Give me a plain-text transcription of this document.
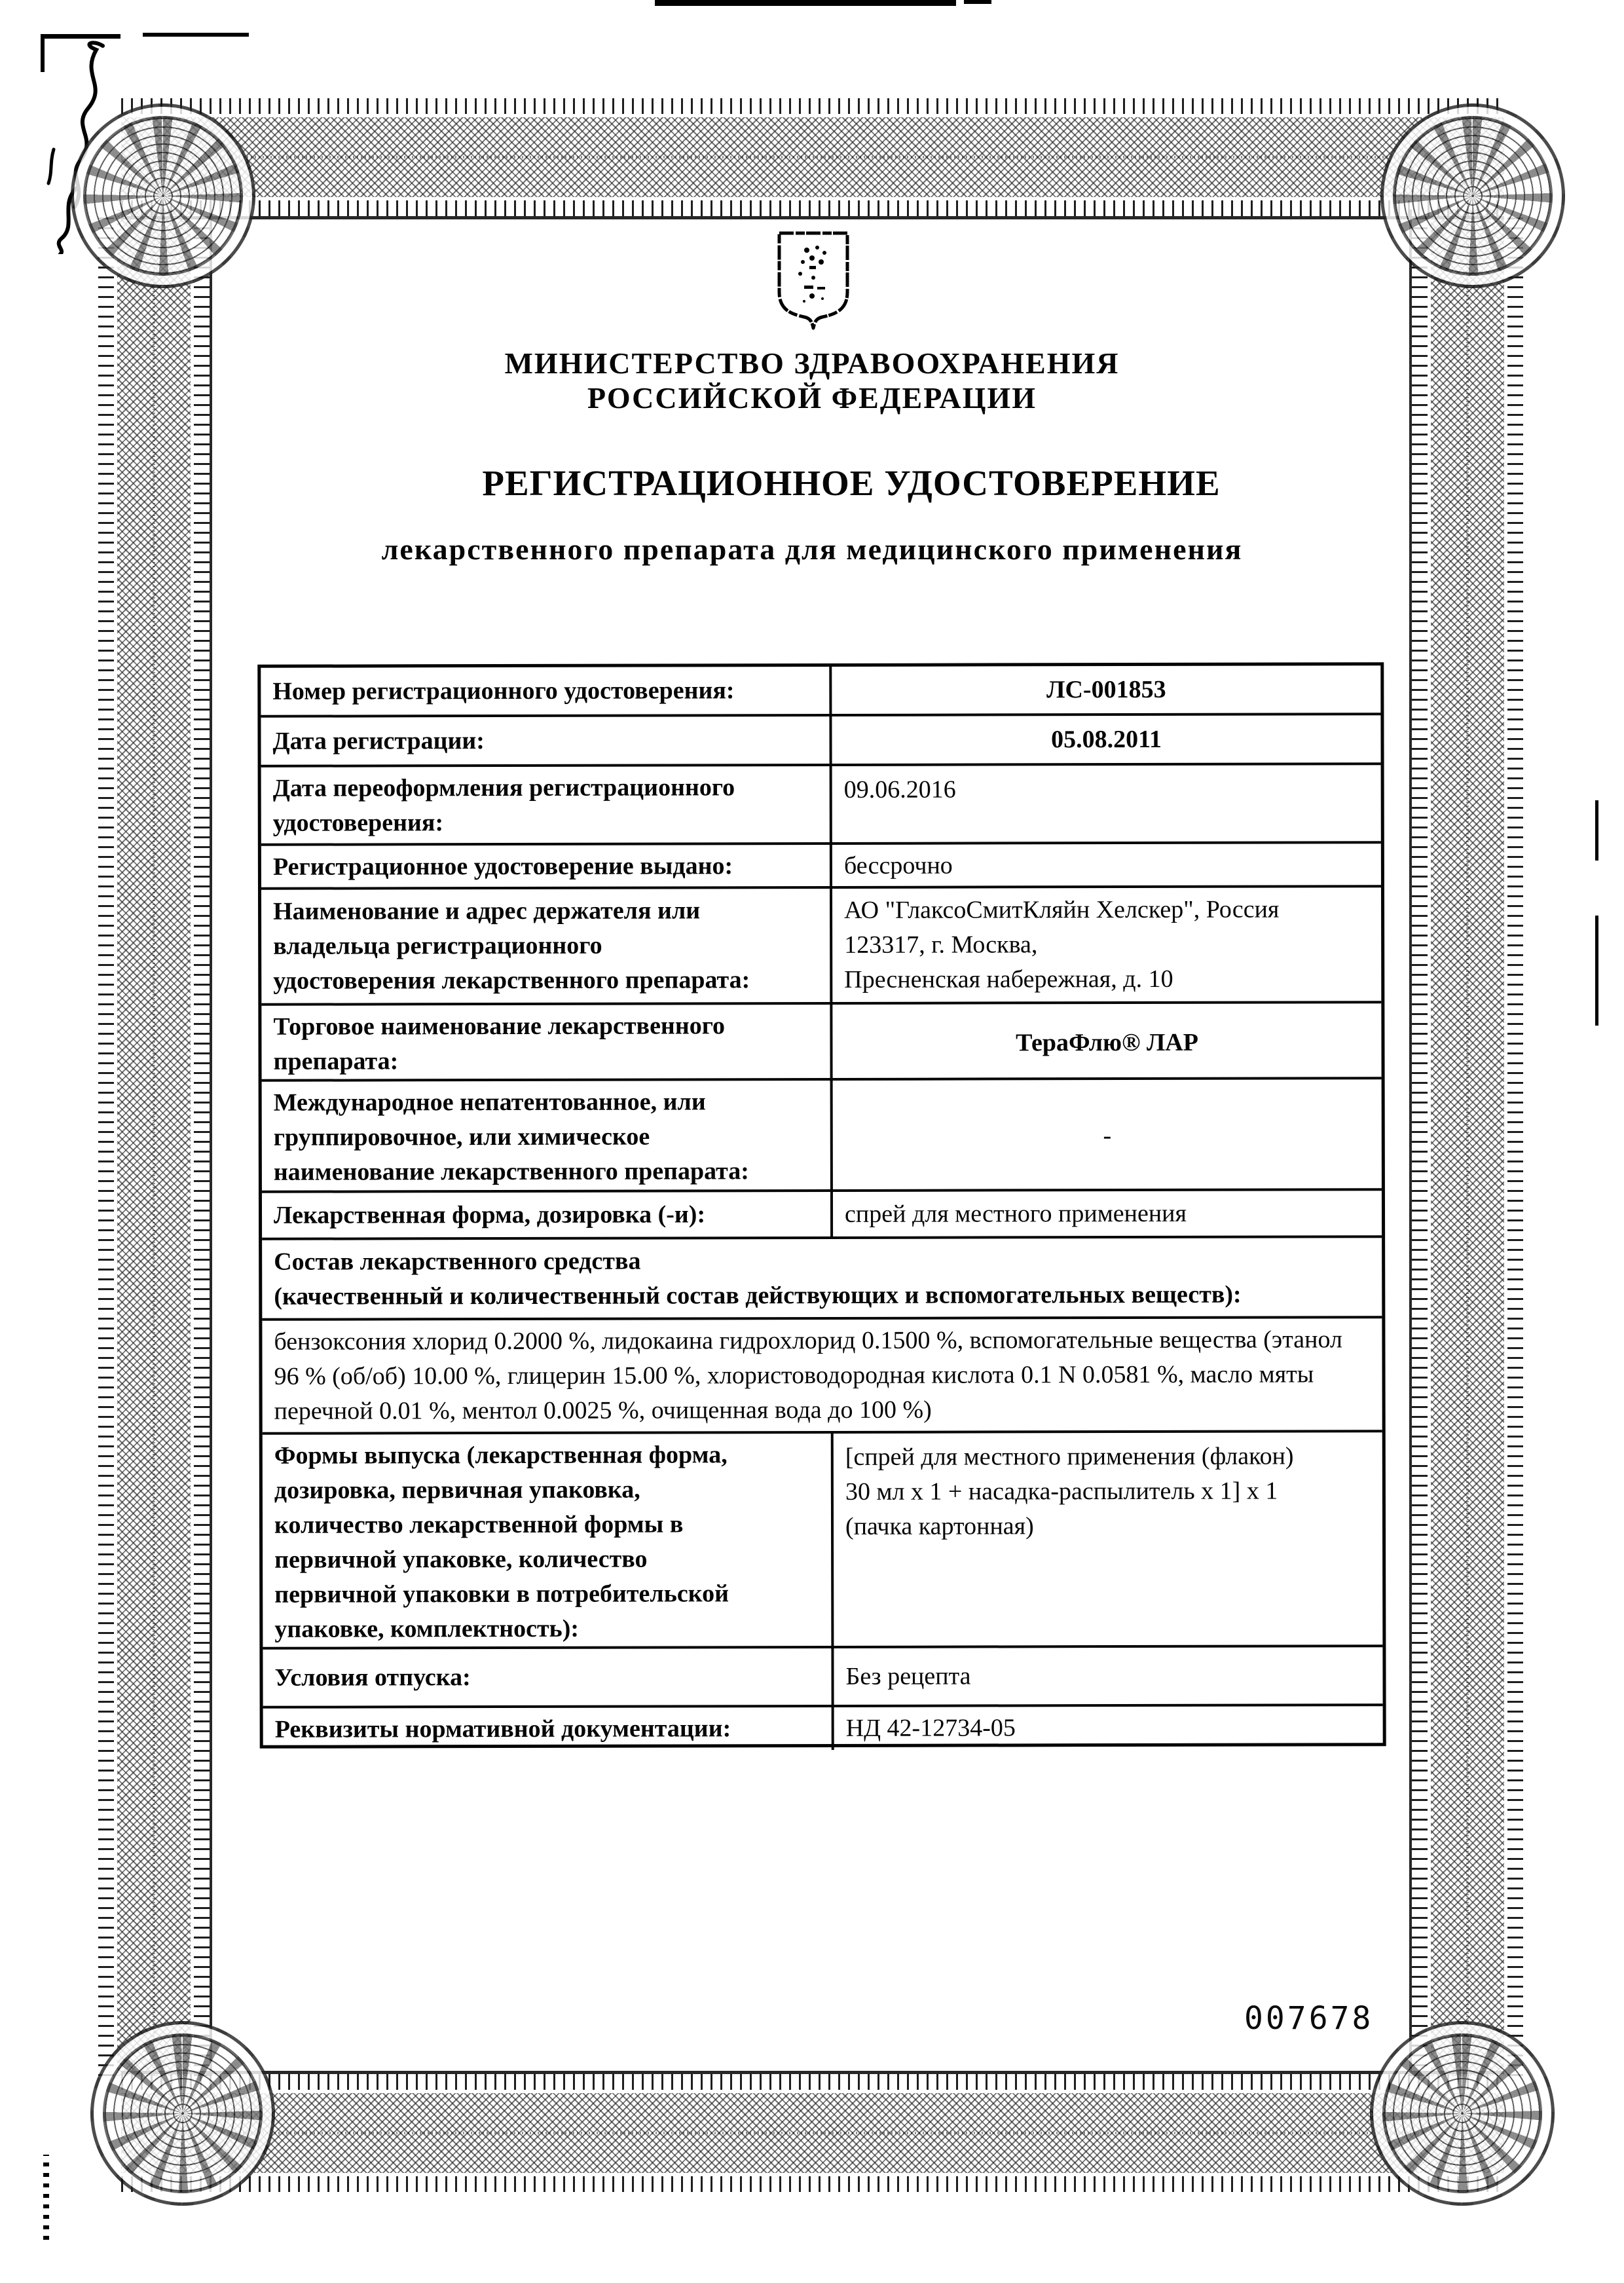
МИНИСТЕРСТВО ЗДРАВООХРАНЕНИЯ
РОССИЙСКОЙ ФЕДЕРАЦИИ
РЕГИСТРАЦИОННОЕ УДОСТОВЕРЕНИЕ
лекарственного препарата для медицинского применения
Номер регистрационного удостоверения:	ЛС-001853
Дата регистрации:	05.08.2011
Дата переоформления регистрационного
удостоверения:
09.06.2016
Регистрационное удостоверение выдано:	бессрочно
Наименование и адрес держателя или
владельца регистрационного
удостоверения лекарственного препарата:
АО "ГлаксоСмитКляйн Хелскер", Россия
123317, г. Москва,
Пресненская набережная, д. 10
Торговое наименование лекарственного
препарата:
ТераФлю® ЛАР
Международное непатентованное, или
группировочное, или химическое
наименование лекарственного препарата:
-
Лекарственная форма, дозировка (-и):	спрей для местного применения
Состав лекарственного средства
(качественный и количественный состав действующих и вспомогательных веществ):
бензоксония хлорид 0.2000 %, лидокаина гидрохлорид 0.1500 %, вспомогательные вещества (этанол 96 % (об/об) 10.00 %, глицерин 15.00 %, хлористоводородная кислота 0.1 N 0.0581 %, масло мяты перечной 0.01 %, ментол 0.0025 %, очищенная вода до 100 %)
Формы выпуска (лекарственная форма,
дозировка, первичная упаковка,
количество лекарственной формы в
первичной упаковке, количество
первичной упаковки в потребительской
упаковке, комплектность):
[спрей для местного применения (флакон)
30 мл х 1 + насадка-распылитель х 1] х 1
(пачка картонная)
Условия отпуска:	Без рецепта
Реквизиты нормативной документации:	НД 42-12734-05
007678
